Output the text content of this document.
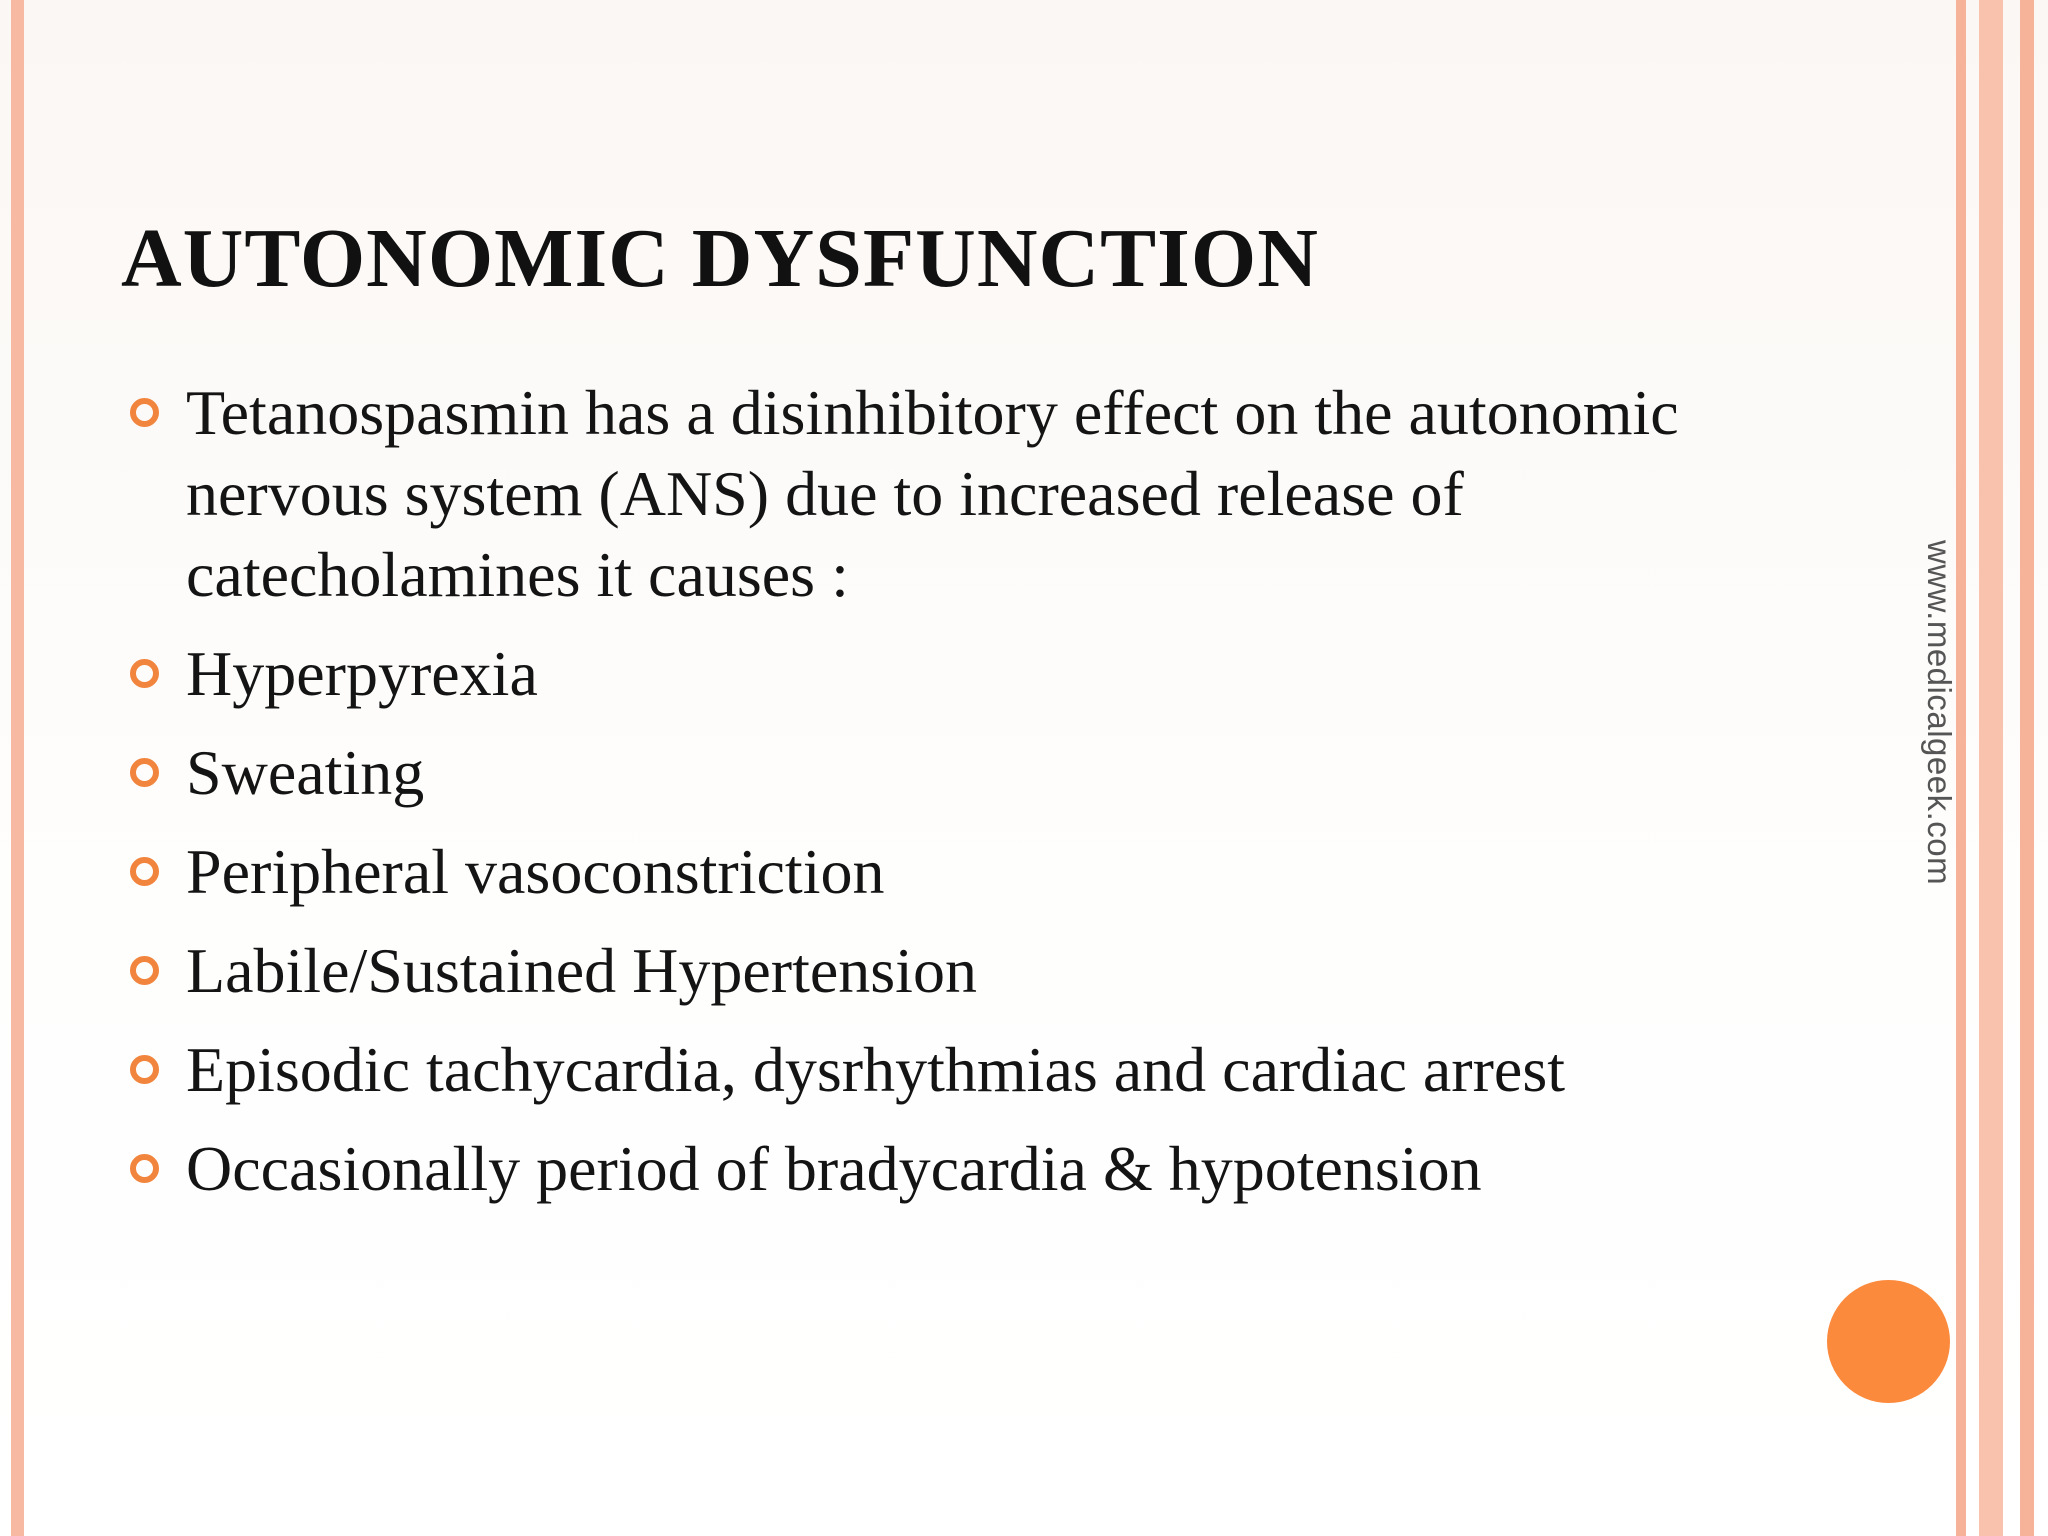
AUTONOMIC DYSFUNCTION
Tetanospasmin has a disinhibitory effect on the autonomic nervous system (ANS) due to increased release of catecholamines it causes :
Hyperpyrexia
Sweating
Peripheral vasoconstriction
Labile/Sustained Hypertension
Episodic tachycardia, dysrhythmias and cardiac arrest
Occasionally period of bradycardia & hypotension
www.medicalgeek.com
